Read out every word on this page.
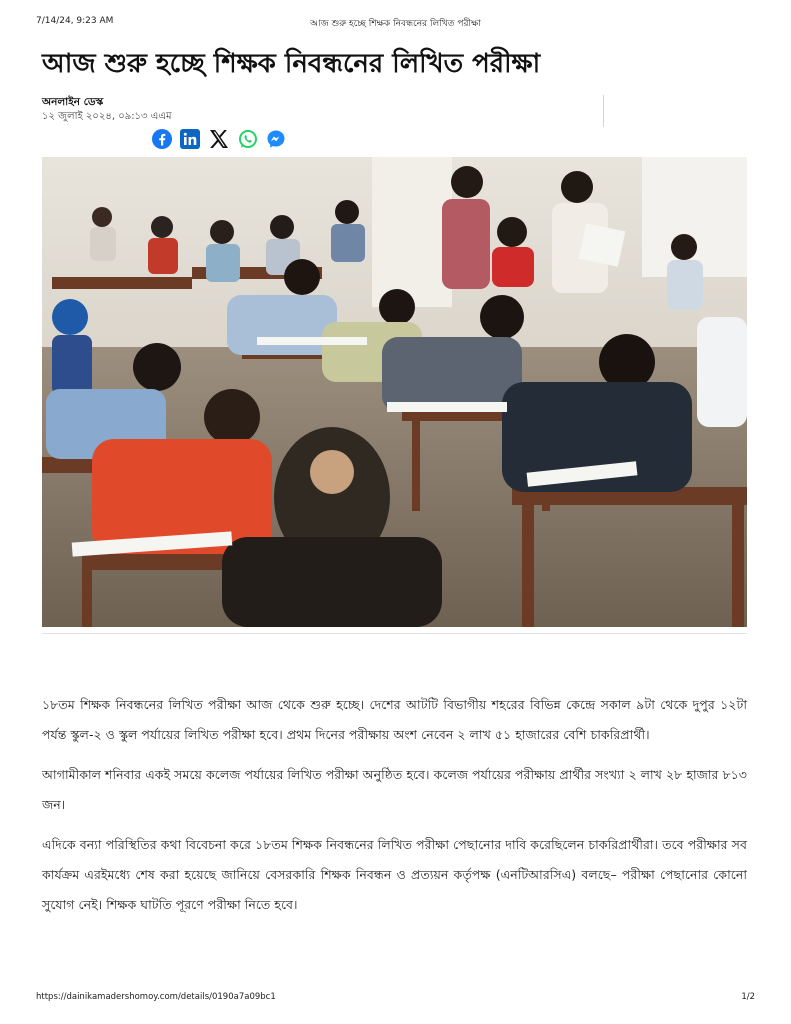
7/14/24, 9:23 AM	আজ শুরু হচ্ছে শিক্ষক নিবন্ধনের লিখিত পরীক্ষা
আজ শুরু হচ্ছে শিক্ষক নিবন্ধনের লিখিত পরীক্ষা
অনলাইন ডেস্ক
১২ জুলাই ২০২৪, ০৯:১৩ এএম

১৮তম শিক্ষক নিবন্ধনের লিখিত পরীক্ষা আজ থেকে শুরু হচ্ছে। দেশের আটটি বিভাগীয় শহরের বিভিন্ন কেন্দ্রে সকাল ৯টা থেকে দুপুর ১২টা পর্যন্ত স্কুল-২ ও স্কুল পর্যায়ের লিখিত পরীক্ষা হবে। প্রথম দিনের পরীক্ষায় অংশ নেবেন ২ লাখ ৫১ হাজারের বেশি চাকরিপ্রার্থী।

আগামীকাল শনিবার একই সময়ে কলেজ পর্যায়ের লিখিত পরীক্ষা অনুষ্ঠিত হবে। কলেজ পর্যায়ের পরীক্ষায় প্রার্থীর সংখ্যা ২ লাখ ২৮ হাজার ৮১৩ জন।

এদিকে বন্যা পরিস্থিতির কথা বিবেচনা করে ১৮তম শিক্ষক নিবন্ধনের লিখিত পরীক্ষা পেছানোর দাবি করেছিলেন চাকরিপ্রার্থীরা। তবে পরীক্ষার সব কার্যক্রম এরইমধ্যে শেষ করা হয়েছে জানিয়ে বেসরকারি শিক্ষক নিবন্ধন ও প্রত্যয়ন কর্তৃপক্ষ (এনটিআরসিএ) বলছে– পরীক্ষা পেছানোর কোনো সুযোগ নেই। শিক্ষক ঘাটতি পূরণে পরীক্ষা নিতে হবে।

https://dainikamadershomoy.com/details/0190a7a09bc1	1/2
